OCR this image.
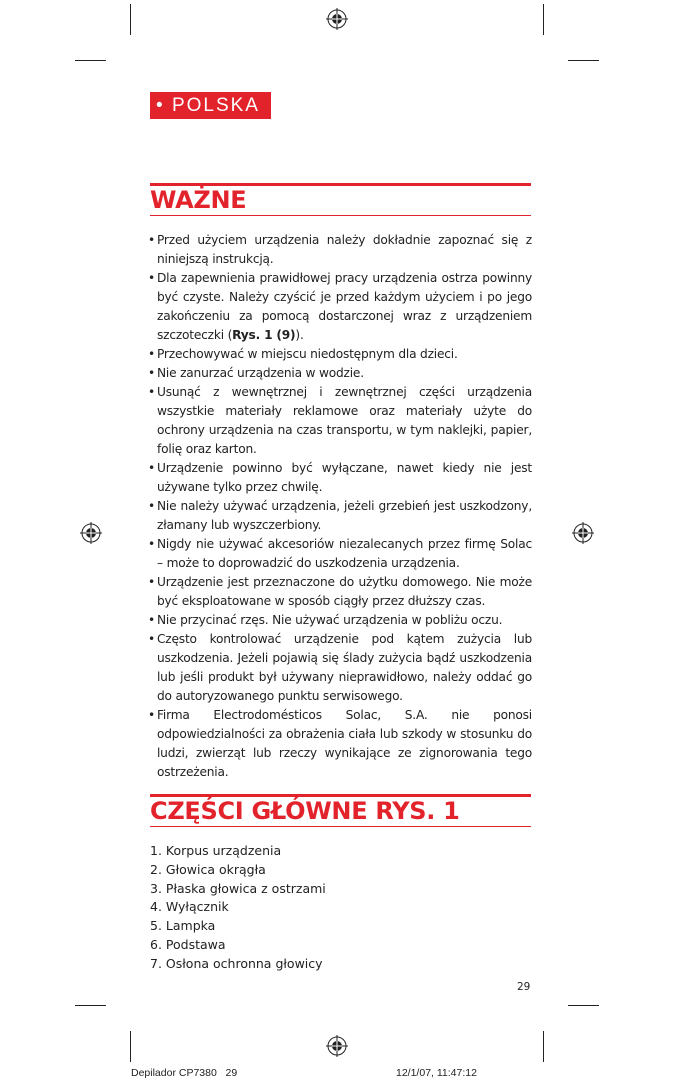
• POLSKA
WAŻNE
• Przed użyciem urządzenia należy dokładnie zapoznać się z niniejszą instrukcją.
• Dla zapewnienia prawidłowej pracy urządzenia ostrza powinny być czyste. Należy czyścić je przed każdym użyciem i po jego zakończeniu za pomocą dostarczonej wraz z urządzeniem szczoteczki (Rys. 1 (9)).
• Przechowywać w miejscu niedostępnym dla dzieci.
• Nie zanurzać urządzenia w wodzie.
• Usunąć z wewnętrznej i zewnętrznej części urządzenia wszystkie materiały reklamowe oraz materiały użyte do ochrony urządzenia na czas transportu, w tym naklejki, papier, folię oraz karton.
• Urządzenie powinno być wyłączane, nawet kiedy nie jest używane tylko przez chwilę.
• Nie należy używać urządzenia, jeżeli grzebień jest uszkodzony, złamany lub wyszczerbiony.
• Nigdy nie używać akcesoriów niezalecanych przez firmę Solac – może to doprowadzić do uszkodzenia urządzenia.
• Urządzenie jest przeznaczone do użytku domowego. Nie może być eksploatowane w sposób ciągły przez dłuższy czas.
• Nie przycinać rzęs. Nie używać urządzenia w pobliżu oczu.
• Często kontrolować urządzenie pod kątem zużycia lub uszkodzenia. Jeżeli pojawią się ślady zużycia bądź uszkodzenia lub jeśli produkt był używany nieprawidłowo, należy oddać go do autoryzowanego punktu serwisowego.
• Firma Electrodomésticos Solac, S.A. nie ponosi odpowiedzialności za obrażenia ciała lub szkody w stosunku do ludzi, zwierząt lub rzeczy wynikające ze zignorowania tego ostrzeżenia.
CZĘŚCI GŁÓWNE RYS. 1
1. Korpus urządzenia
2. Głowica okrągła
3. Płaska głowica z ostrzami
4. Wyłącznik
5. Lampka
6. Podstawa
7. Osłona ochronna głowicy
29
Depilador CP7380   29	12/1/07, 11:47:12
